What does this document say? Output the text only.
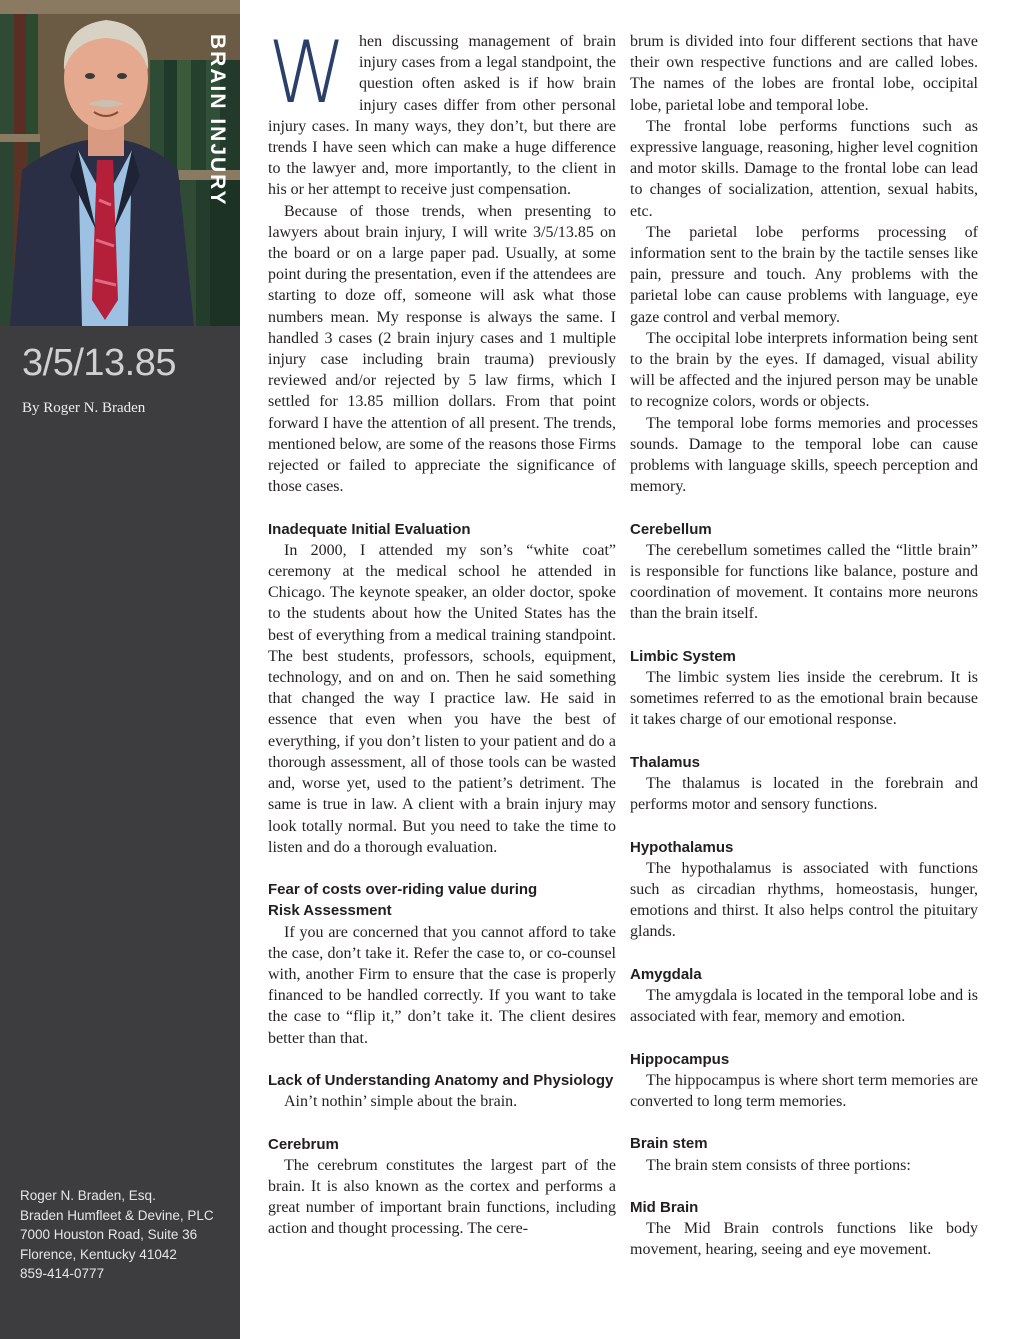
BRAIN INJURY
3/5/13.85
By Roger N. Braden
Roger N. Braden, Esq.
Braden Humfleet & Devine, PLC
7000 Houston Road, Suite 36
Florence, Kentucky 41042
859-414-0777

When discussing management of brain injury cases from a legal standpoint, the question often asked is if how brain injury cases differ from other personal injury cases. In many ways, they don’t, but there are trends I have seen which can make a huge difference to the lawyer and, more importantly, to the client in his or her attempt to receive just compensation.

Because of those trends, when presenting to lawyers about brain injury, I will write 3/5/13.85 on the board or on a large paper pad. Usually, at some point during the presentation, even if the attendees are starting to doze off, someone will ask what those numbers mean. My response is always the same. I handled 3 cases (2 brain injury cases and 1 multiple injury case including brain trauma) previously reviewed and/or rejected by 5 law firms, which I settled for 13.85 million dollars. From that point forward I have the attention of all present. The trends, mentioned below, are some of the reasons those Firms rejected or failed to appreciate the significance of those cases.

Inadequate Initial Evaluation

In 2000, I attended my son’s “white coat” ceremony at the medical school he attended in Chicago. The keynote speaker, an older doctor, spoke to the students about how the United States has the best of everything from a medical training standpoint. The best students, professors, schools, equipment, technology, and on and on. Then he said something that changed the way I practice law. He said in essence that even when you have the best of everything, if you don’t listen to your patient and do a thorough assessment, all of those tools can be wasted and, worse yet, used to the patient’s detriment. The same is true in law. A client with a brain injury may look totally normal. But you need to take the time to listen and do a thorough evaluation.

Fear of costs over-riding value during
Risk Assessment

If you are concerned that you cannot afford to take the case, don’t take it. Refer the case to, or co-counsel with, another Firm to ensure that the case is properly financed to be handled correctly. If you want to take the case to “flip it,” don’t take it. The client desires better than that.

Lack of Understanding Anatomy and Physiology

Ain’t nothin’ simple about the brain.

Cerebrum

The cerebrum constitutes the largest part of the brain. It is also known as the cortex and performs a great number of important brain functions, including action and thought processing. The cere-

brum is divided into four different sections that have their own respective functions and are called lobes. The names of the lobes are frontal lobe, occipital lobe, parietal lobe and temporal lobe.

The frontal lobe performs functions such as expressive language, reasoning, higher level cognition and motor skills. Damage to the frontal lobe can lead to changes of socialization, attention, sexual habits, etc.

The parietal lobe performs processing of information sent to the brain by the tactile senses like pain, pressure and touch. Any problems with the parietal lobe can cause problems with language, eye gaze control and verbal memory.

The occipital lobe interprets information being sent to the brain by the eyes. If damaged, visual ability will be affected and the injured person may be unable to recognize colors, words or objects.

The temporal lobe forms memories and processes sounds. Damage to the temporal lobe can cause problems with language skills, speech perception and memory.

Cerebellum

The cerebellum sometimes called the “little brain” is responsible for functions like balance, posture and coordination of movement. It contains more neurons than the brain itself.

Limbic System

The limbic system lies inside the cerebrum. It is sometimes referred to as the emotional brain because it takes charge of our emotional response.

Thalamus

The thalamus is located in the forebrain and performs motor and sensory functions.

Hypothalamus

The hypothalamus is associated with functions such as circadian rhythms, homeostasis, hunger, emotions and thirst. It also helps control the pituitary glands.

Amygdala

The amygdala is located in the temporal lobe and is associated with fear, memory and emotion.

Hippocampus

The hippocampus is where short term memories are converted to long term memories.

Brain stem

The brain stem consists of three portions:

Mid Brain

The Mid Brain controls functions like body movement, hearing, seeing and eye movement.
